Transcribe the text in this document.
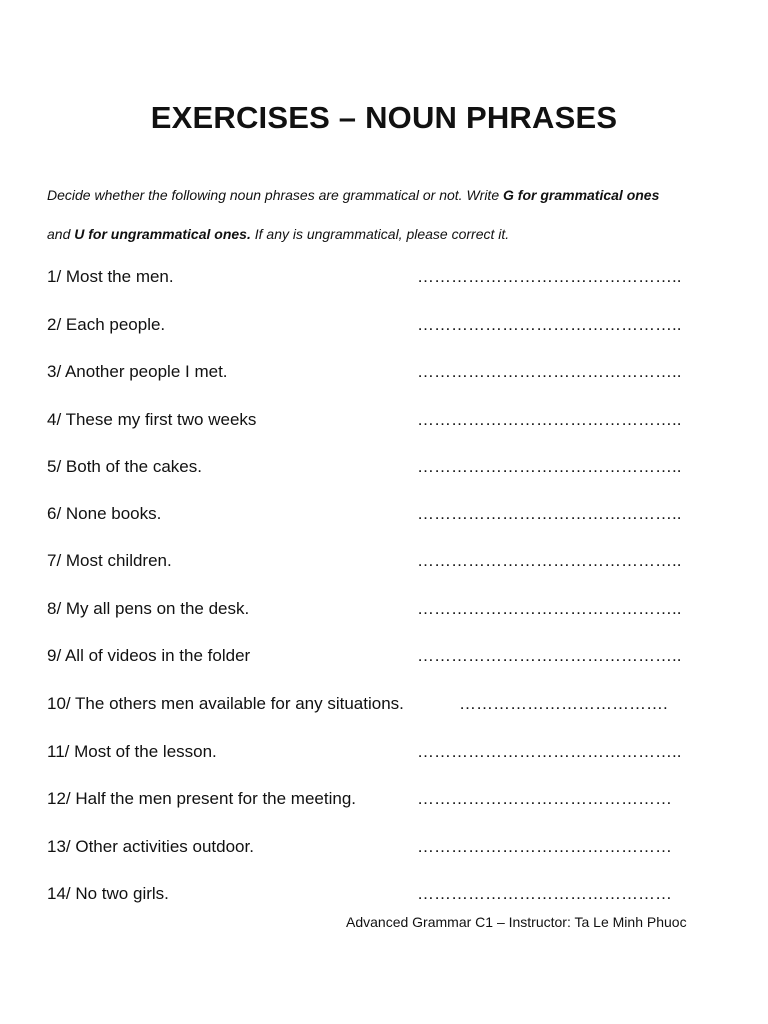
EXERCISES – NOUN PHRASES
Decide whether the following noun phrases are grammatical or not. Write G for grammatical ones
and U for ungrammatical ones. If any is ungrammatical, please correct it.
1/ Most the men.	………………………………………..
2/ Each people.	………………………………………..
3/ Another people I met.	………………………………………..
4/ These my first two weeks	………………………………………..
5/ Both of the cakes.	………………………………………..
6/ None books.	………………………………………..
7/ Most children.	………………………………………..
8/ My all pens on the desk.	………………………………………..
9/ All of videos in the folder	………………………………………..
10/ The others men available for any situations.	……………………………….
11/ Most of the lesson.	………………………………………..
12/ Half the men present for the meeting.	………………………………………
13/ Other activities outdoor.	………………………………………
14/ No two girls.	………………………………………
Advanced Grammar C1 – Instructor: Ta Le Minh Phuoc
